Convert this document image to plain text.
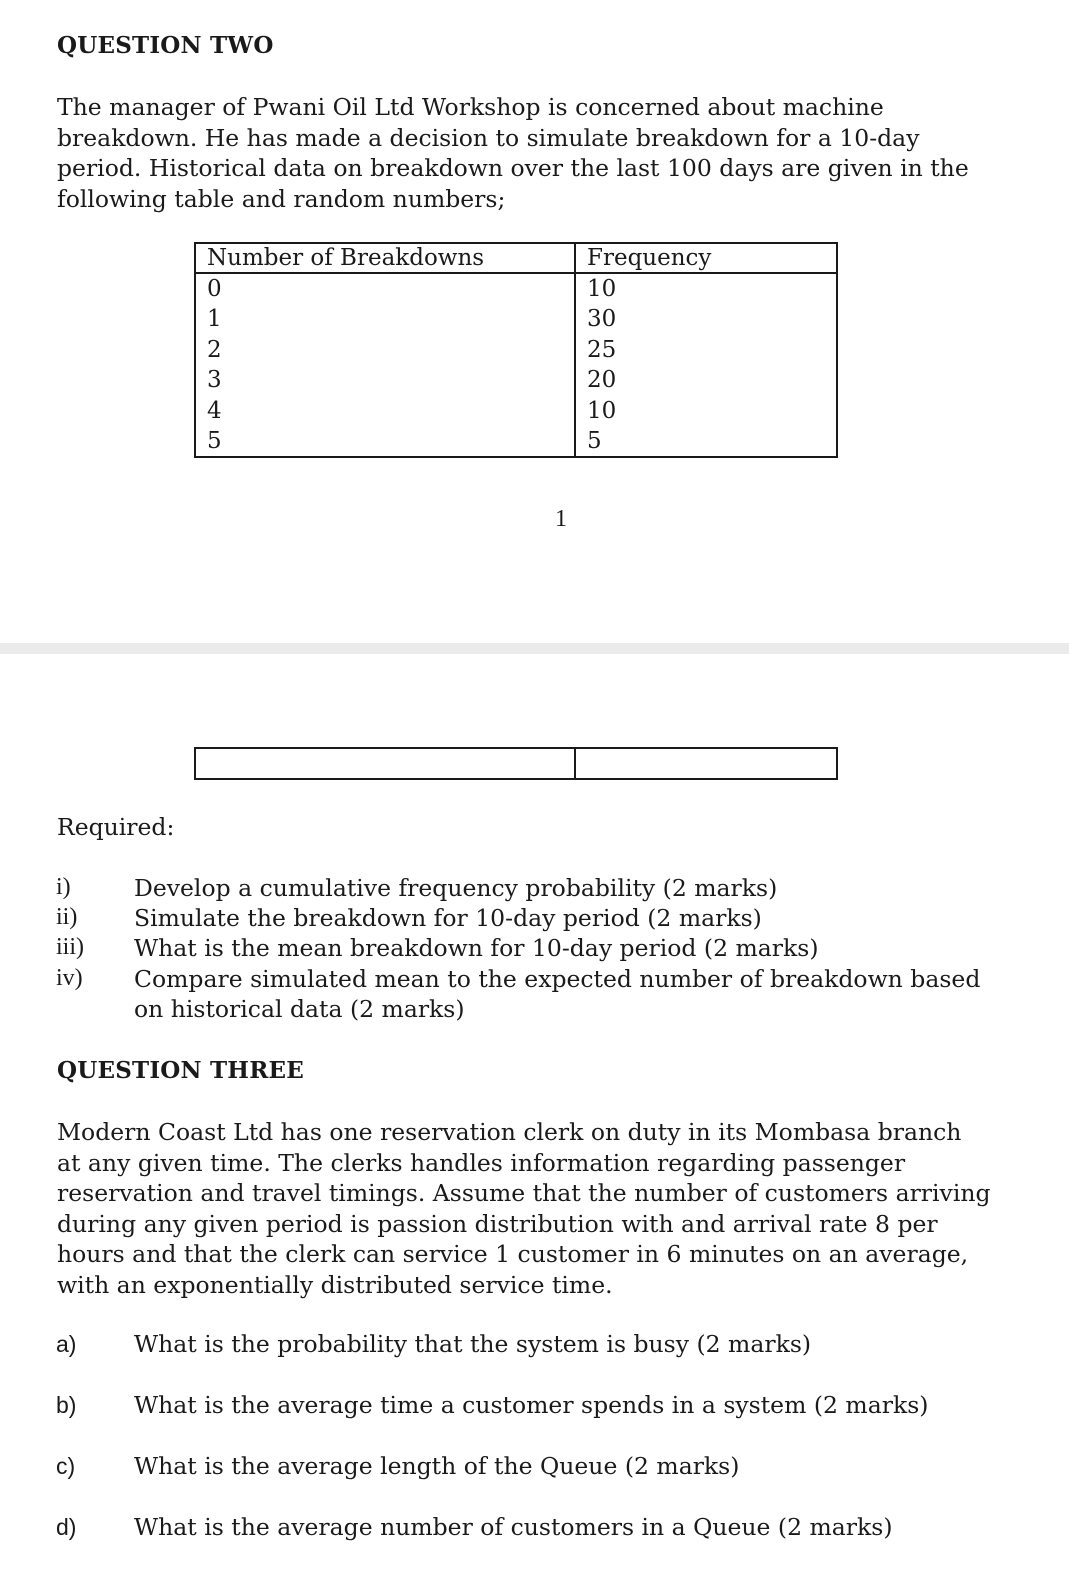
QUESTION TWO

The manager of Pwani Oil Ltd Workshop is concerned about machine
breakdown. He has made a decision to simulate breakdown for a 10-day
period. Historical data on breakdown over the last 100 days are given in the
following table and random numbers;

Number of Breakdowns	Frequency
0	10
1	30
2	25
3	20
4	10
5	5
1

Required:
i)	Develop a cumulative frequency probability (2 marks)
ii) Simulate the breakdown for 10-day period (2 marks)
iii) What is the mean breakdown for 10-day period (2 marks)
iv) Compare simulated mean to the expected number of breakdown based
on historical data (2 marks)
QUESTION THREE

Modern Coast Ltd has one reservation clerk on duty in its Mombasa branch
at any given time. The clerks handles information regarding passenger
reservation and travel timings. Assume that the number of customers arriving
during any given period is passion distribution with and arrival rate 8 per
hours and that the clerk can service 1 customer in 6 minutes on an average,
with an exponentially distributed service time.

a) What is the probability that the system is busy (2 marks)
b) What is the average time a customer spends in a system (2 marks)
c)	What is the average length of the Queue (2 marks)
d) What is the average number of customers in a Queue (2 marks)
